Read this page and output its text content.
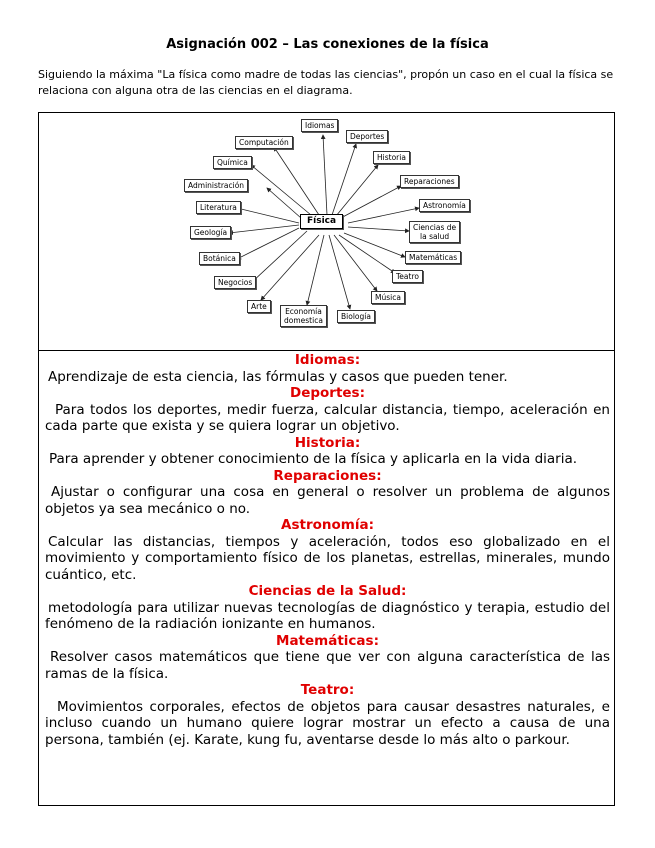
Asignación 002 – Las conexiones de la física
Siguiendo la máxima "La física como madre de todas las ciencias", propón un caso en el cual la física se relaciona con alguna otra de las ciencias en el diagrama.
Física
Idiomas
Deportes
Historia
Reparaciones
Astronomía
Ciencias de
la salud
Matemáticas
Teatro
Música
Biología
Economía
domestica
Arte
Negocios
Botánica
Geología
Literatura
Administración
Química
Computación
Idiomas:
Aprendizaje de esta ciencia, las fórmulas y casos que pueden tener.
Deportes:
Para todos los deportes, medir fuerza, calcular distancia, tiempo, aceleración en cada parte que exista y se quiera lograr un objetivo.
Historia:
Para aprender y obtener conocimiento de la física y aplicarla en la vida diaria.
Reparaciones:
Ajustar o configurar una cosa en general o resolver un problema de algunos objetos ya sea mecánico o no.
Astronomía:
Calcular las distancias, tiempos y aceleración, todos eso globalizado en el movimiento y comportamiento físico de los planetas, estrellas, minerales, mundo cuántico, etc.
Ciencias de la Salud:
metodología para utilizar nuevas tecnologías de diagnóstico y terapia, estudio del fenómeno de la radiación ionizante en humanos.
Matemáticas:
Resolver casos matemáticos que tiene que ver con alguna característica de las ramas de la física.
Teatro:
Movimientos corporales, efectos de objetos para causar desastres naturales, e incluso cuando un humano quiere lograr mostrar un efecto a causa de una persona, también (ej. Karate, kung fu, aventarse desde lo más alto o parkour.
